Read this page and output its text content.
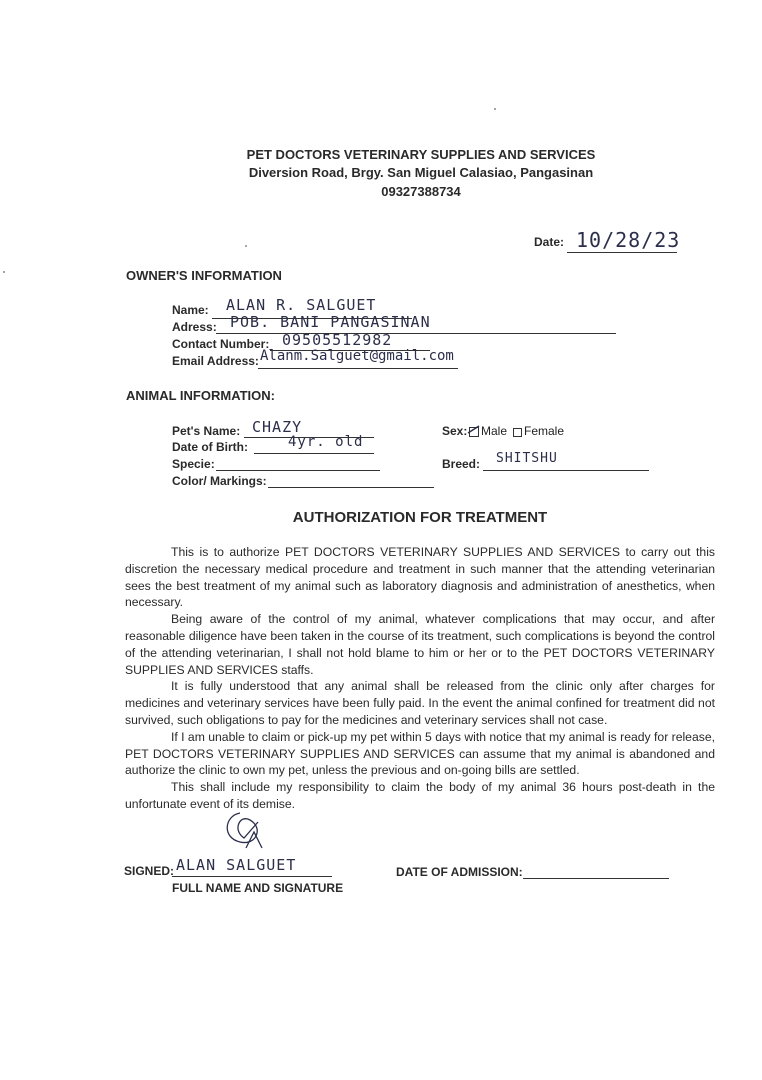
PET DOCTORS VETERINARY SUPPLIES AND SERVICES
Diversion Road, Brgy. San Miguel Calasiao, Pangasinan
09327388734
Date: 10/28/23
OWNER'S INFORMATION
Name: ALAN R. SALGUET
Adress: POB. BANI PANGASINAN
Contact Number: 09505512982
Email Address: Alanm.Salguet@gmail.com
ANIMAL INFORMATION:
Pet's Name: CHAZY
Date of Birth:	4yr. old
Specie:
Color/ Markings:
Sex: Male Female
Breed: SHITSHU
AUTHORIZATION FOR TREATMENT

This is to authorize PET DOCTORS VETERINARY SUPPLIES AND SERVICES to carry out this discretion the necessary medical procedure and treatment in such manner that the attending veterinarian sees the best treatment of my animal such as laboratory diagnosis and administration of anesthetics, when necessary.

Being aware of the control of my animal, whatever complications that may occur, and after reasonable diligence have been taken in the course of its treatment, such complications is beyond the control of the attending veterinarian, I shall not hold blame to him or her or to the PET DOCTORS VETERINARY SUPPLIES AND SERVICES staffs.

It is fully understood that any animal shall be released from the clinic only after charges for medicines and veterinary services have been fully paid. In the event the animal confined for treatment did not survived, such obligations to pay for the medicines and veterinary services shall not case.

If I am unable to claim or pick-up my pet within 5 days with notice that my animal is ready for release, PET DOCTORS VETERINARY SUPPLIES AND SERVICES can assume that my animal is abandoned and authorize the clinic to own my pet, unless the previous and on-going bills are settled.

This shall include my responsibility to claim the body of my animal 36 hours post-death in the unfortunate event of its demise.

SIGNED: ALAN SALGUET
FULL NAME AND SIGNATURE
DATE OF ADMISSION:
